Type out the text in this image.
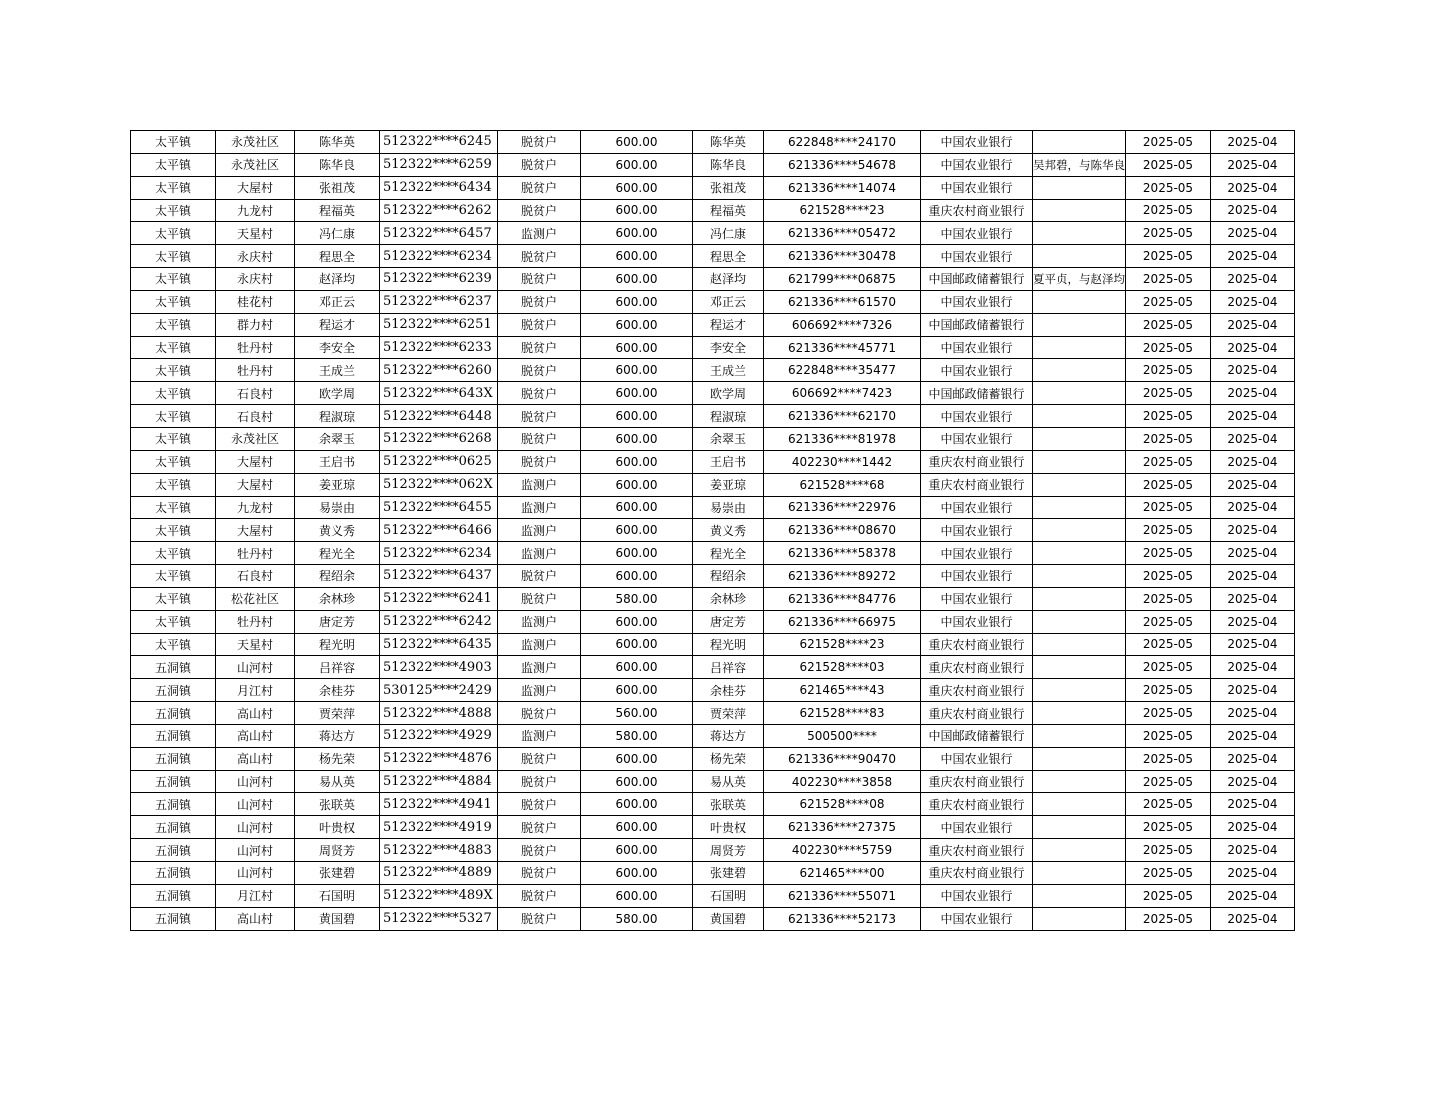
太平镇	永茂社区	陈华英	512322****6245	脱贫户	600.00	陈华英	622848****24170	中国农业银行		2025-05	2025-04
太平镇	永茂社区	陈华良	512322****6259	脱贫户	600.00	陈华良	621336****54678	中国农业银行	吴邦碧，与陈华良	2025-05	2025-04
太平镇	大屋村	张祖茂	512322****6434	脱贫户	600.00	张祖茂	621336****14074	中国农业银行		2025-05	2025-04
太平镇	九龙村	程福英	512322****6262	脱贫户	600.00	程福英	621528****23	重庆农村商业银行		2025-05	2025-04
太平镇	天星村	冯仁康	512322****6457	监测户	600.00	冯仁康	621336****05472	中国农业银行		2025-05	2025-04
太平镇	永庆村	程思全	512322****6234	脱贫户	600.00	程思全	621336****30478	中国农业银行		2025-05	2025-04
太平镇	永庆村	赵泽均	512322****6239	脱贫户	600.00	赵泽均	621799****06875	中国邮政储蓄银行	夏平贞，与赵泽均	2025-05	2025-04
太平镇	桂花村	邓正云	512322****6237	脱贫户	600.00	邓正云	621336****61570	中国农业银行		2025-05	2025-04
太平镇	群力村	程运才	512322****6251	脱贫户	600.00	程运才	606692****7326	中国邮政储蓄银行		2025-05	2025-04
太平镇	牡丹村	李安全	512322****6233	脱贫户	600.00	李安全	621336****45771	中国农业银行		2025-05	2025-04
太平镇	牡丹村	王成兰	512322****6260	脱贫户	600.00	王成兰	622848****35477	中国农业银行		2025-05	2025-04
太平镇	石良村	欧学周	512322****643X	脱贫户	600.00	欧学周	606692****7423	中国邮政储蓄银行		2025-05	2025-04
太平镇	石良村	程淑琼	512322****6448	脱贫户	600.00	程淑琼	621336****62170	中国农业银行		2025-05	2025-04
太平镇	永茂社区	余翠玉	512322****6268	脱贫户	600.00	余翠玉	621336****81978	中国农业银行		2025-05	2025-04
太平镇	大屋村	王启书	512322****0625	脱贫户	600.00	王启书	402230****1442	重庆农村商业银行		2025-05	2025-04
太平镇	大屋村	姜亚琼	512322****062X	监测户	600.00	姜亚琼	621528****68	重庆农村商业银行		2025-05	2025-04
太平镇	九龙村	易崇由	512322****6455	监测户	600.00	易崇由	621336****22976	中国农业银行		2025-05	2025-04
太平镇	大屋村	黄义秀	512322****6466	监测户	600.00	黄义秀	621336****08670	中国农业银行		2025-05	2025-04
太平镇	牡丹村	程光全	512322****6234	监测户	600.00	程光全	621336****58378	中国农业银行		2025-05	2025-04
太平镇	石良村	程绍余	512322****6437	脱贫户	600.00	程绍余	621336****89272	中国农业银行		2025-05	2025-04
太平镇	松花社区	余林珍	512322****6241	脱贫户	580.00	余林珍	621336****84776	中国农业银行		2025-05	2025-04
太平镇	牡丹村	唐定芳	512322****6242	监测户	600.00	唐定芳	621336****66975	中国农业银行		2025-05	2025-04
太平镇	天星村	程光明	512322****6435	监测户	600.00	程光明	621528****23	重庆农村商业银行		2025-05	2025-04
五洞镇	山河村	吕祥容	512322****4903	监测户	600.00	吕祥容	621528****03	重庆农村商业银行		2025-05	2025-04
五洞镇	月江村	余桂芬	530125****2429	监测户	600.00	余桂芬	621465****43	重庆农村商业银行		2025-05	2025-04
五洞镇	高山村	贾荣萍	512322****4888	脱贫户	560.00	贾荣萍	621528****83	重庆农村商业银行		2025-05	2025-04
五洞镇	高山村	蒋达方	512322****4929	监测户	580.00	蒋达方	500500****	中国邮政储蓄银行		2025-05	2025-04
五洞镇	高山村	杨先荣	512322****4876	脱贫户	600.00	杨先荣	621336****90470	中国农业银行		2025-05	2025-04
五洞镇	山河村	易从英	512322****4884	脱贫户	600.00	易从英	402230****3858	重庆农村商业银行		2025-05	2025-04
五洞镇	山河村	张联英	512322****4941	脱贫户	600.00	张联英	621528****08	重庆农村商业银行		2025-05	2025-04
五洞镇	山河村	叶贵权	512322****4919	脱贫户	600.00	叶贵权	621336****27375	中国农业银行		2025-05	2025-04
五洞镇	山河村	周贤芳	512322****4883	脱贫户	600.00	周贤芳	402230****5759	重庆农村商业银行		2025-05	2025-04
五洞镇	山河村	张建碧	512322****4889	脱贫户	600.00	张建碧	621465****00	重庆农村商业银行		2025-05	2025-04
五洞镇	月江村	石国明	512322****489X	脱贫户	600.00	石国明	621336****55071	中国农业银行		2025-05	2025-04
五洞镇	高山村	黄国碧	512322****5327	脱贫户	580.00	黄国碧	621336****52173	中国农业银行		2025-05	2025-04
